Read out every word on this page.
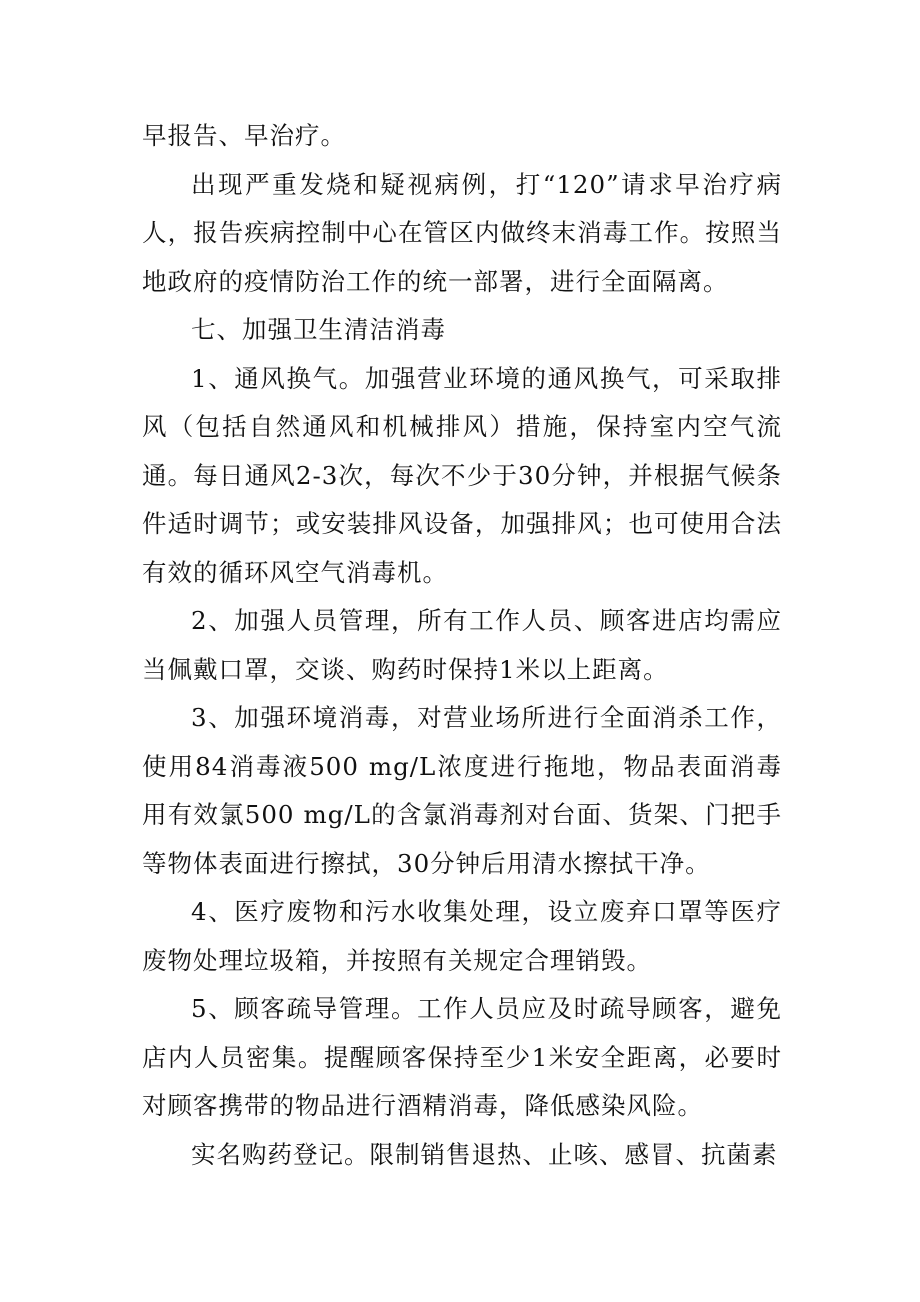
早报告、早治疗。

出现严重发烧和疑视病例，打“120”请求早治疗病人，报告疾病控制中心在管区内做终末消毒工作。按照当地政府的疫情防治工作的统一部署，进行全面隔离。

七、加强卫生清洁消毒

1、通风换气。加强营业环境的通风换气，可采取排风（包括自然通风和机械排风）措施，保持室内空气流通。每日通风2-3次，每次不少于30分钟，并根据气候条件适时调节；或安装排风设备，加强排风；也可使用合法有效的循环风空气消毒机。

2、加强人员管理，所有工作人员、顾客进店均需应当佩戴口罩，交谈、购药时保持1米以上距离。

3、加强环境消毒，对营业场所进行全面消杀工作，使用84消毒液500 mg/L浓度进行拖地，物品表面消毒用有效氯500 mg/L的含氯消毒剂对台面、货架、门把手等物体表面进行擦拭，30分钟后用清水擦拭干净。

4、医疗废物和污水收集处理，设立废弃口罩等医疗废物处理垃圾箱，并按照有关规定合理销毁。

5、顾客疏导管理。工作人员应及时疏导顾客，避免店内人员密集。提醒顾客保持至少1米安全距离，必要时对顾客携带的物品进行酒精消毒，降低感染风险。

实名购药登记。限制销售退热、止咳、感冒、抗菌素
